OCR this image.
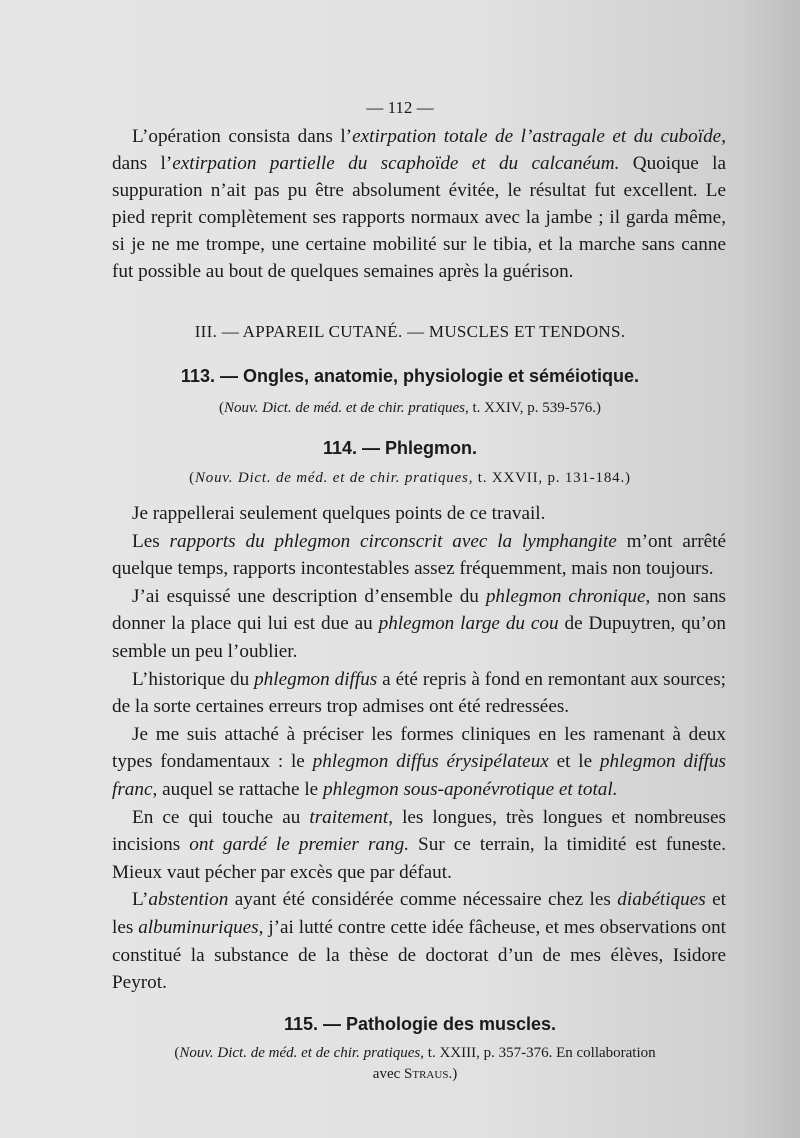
— 112 —

L’opération consista dans l’extirpation totale de l’astragale et du cuboïde, dans l’extirpation partielle du scaphoïde et du calcanéum. Quoique la suppuration n’ait pas pu être absolument évitée, le résultat fut excellent. Le pied reprit complètement ses rapports normaux avec la jambe ; il garda même, si je ne me trompe, une certaine mobilité sur le tibia, et la marche sans canne fut possible au bout de quelques semaines après la guérison.

III. — APPAREIL CUTANÉ. — MUSCLES ET TENDONS.
113. — Ongles, anatomie, physiologie et séméiotique.
(Nouv. Dict. de méd. et de chir. pratiques, t. XXIV, p. 539-576.)
114. — Phlegmon.
(Nouv. Dict. de méd. et de chir. pratiques, t. XXVII, p. 131-184.)

Je rappellerai seulement quelques points de ce travail.

Les rapports du phlegmon circonscrit avec la lymphangite m’ont arrêté quelque temps, rapports incontestables assez fréquemment, mais non toujours.

J’ai esquissé une description d’ensemble du phlegmon chronique, non sans donner la place qui lui est due au phlegmon large du cou de Dupuytren, qu’on semble un peu l’oublier.

L’historique du phlegmon diffus a été repris à fond en remontant aux sources; de la sorte certaines erreurs trop admises ont été redressées.

Je me suis attaché à préciser les formes cliniques en les ramenant à deux types fondamentaux : le phlegmon diffus érysipélateux et le phlegmon diffus franc, auquel se rattache le phlegmon sous-aponévrotique et total.

En ce qui touche au traitement, les longues, très longues et nombreuses incisions ont gardé le premier rang. Sur ce terrain, la timidité est funeste. Mieux vaut pécher par excès que par défaut.

L’abstention ayant été considérée comme nécessaire chez les diabétiques et les albuminuriques, j’ai lutté contre cette idée fâcheuse, et mes observations ont constitué la substance de la thèse de doctorat d’un de mes élèves, Isidore Peyrot.

115. — Pathologie des muscles.
(Nouv. Dict. de méd. et de chir. pratiques, t. XXIII, p. 357-376. En collaboration
avec Straus.)
